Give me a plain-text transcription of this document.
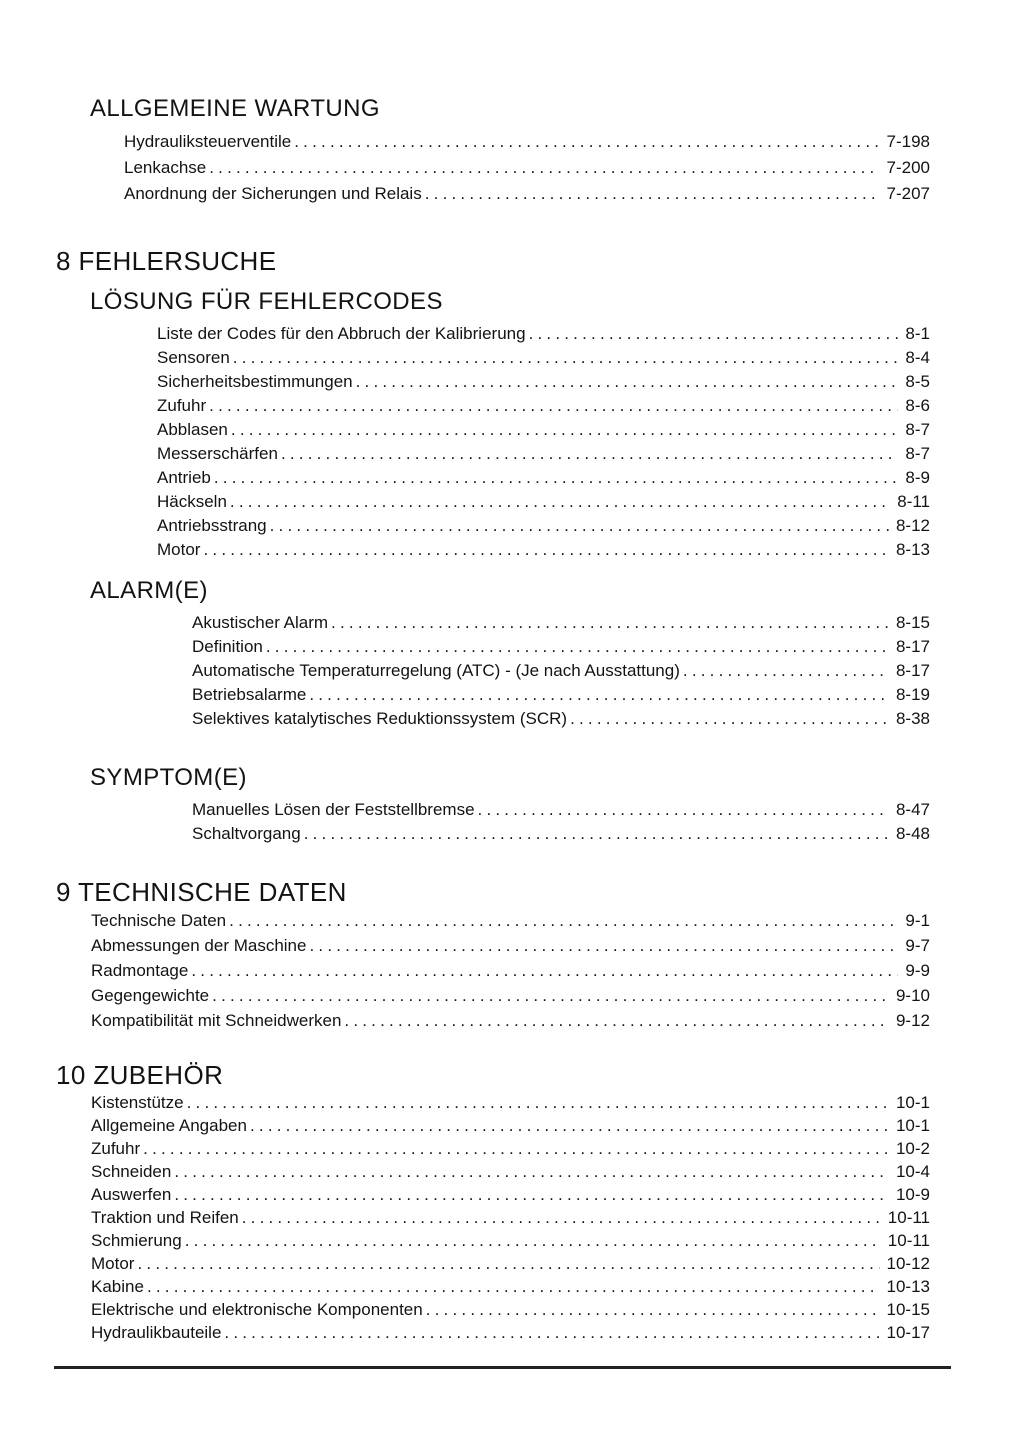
ALLGEMEINE WARTUNG
Hydrauliksteuerventile .....	7-198
Lenkachse .....	7-200
Anordnung der Sicherungen und Relais .....	7-207
8 FEHLERSUCHE
LÖSUNG FÜR FEHLERCODES
Liste der Codes für den Abbruch der Kalibrierung .....	8-1
Sensoren .....	8-4
Sicherheitsbestimmungen .....	8-5
Zufuhr .....	8-6
Abblasen .....	8-7
Messerschärfen .....	8-7
Antrieb .....	8-9
Häckseln .....	8-11
Antriebsstrang .....	8-12
Motor .....	8-13
ALARM(E)
Akustischer Alarm .....	8-15
Definition .....	8-17
Automatische Temperaturregelung (ATC) - (Je nach Ausstattung) .....	8-17
Betriebsalarme .....	8-19
Selektives katalytisches Reduktionssystem (SCR) .....	8-38
SYMPTOM(E)
Manuelles Lösen der Feststellbremse .....	8-47
Schaltvorgang .....	8-48
9 TECHNISCHE DATEN
Technische Daten .....	9-1
Abmessungen der Maschine .....	9-7
Radmontage .....	9-9
Gegengewichte .....	9-10
Kompatibilität mit Schneidwerken .....	9-12
10 ZUBEHÖR
Kistenstütze .....	10-1
Allgemeine Angaben .....	10-1
Zufuhr .....	10-2
Schneiden .....	10-4
Auswerfen .....	10-9
Traktion und Reifen .....	10-11
Schmierung .....	10-11
Motor .....	10-12
Kabine .....	10-13
Elektrische und elektronische Komponenten .....	10-15
Hydraulikbauteile .....	10-17
